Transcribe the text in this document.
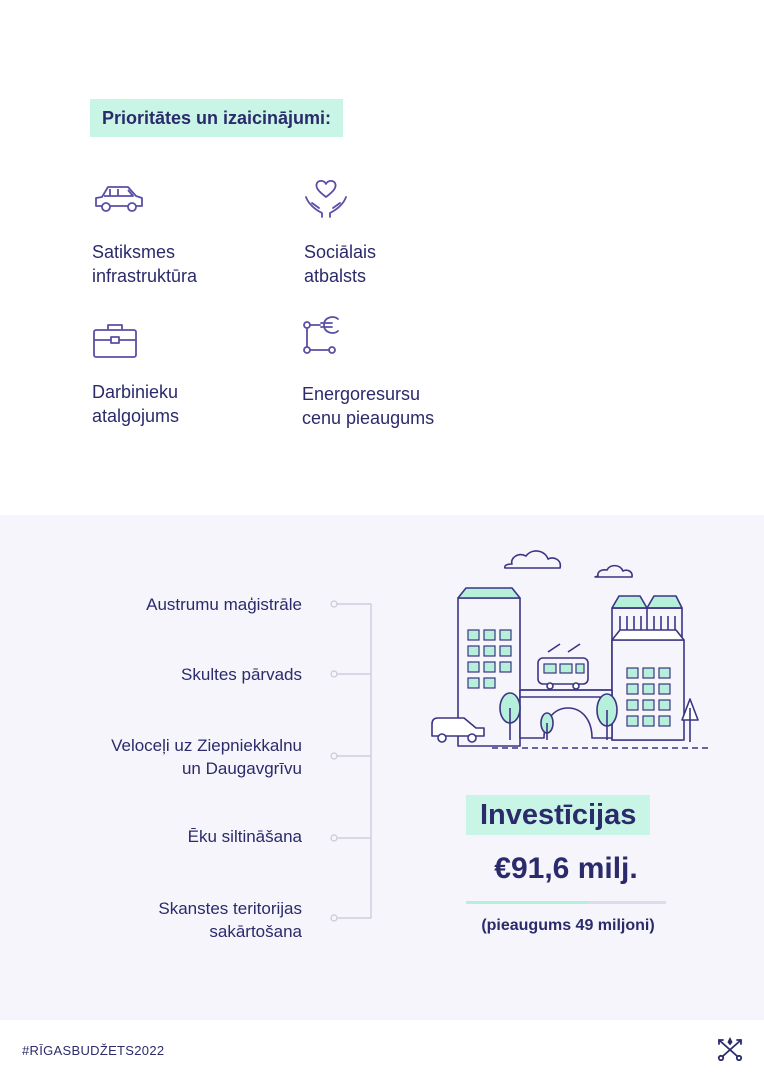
Prioritātes un izaicinājumi:
Satiksmes
infrastruktūra
Sociālais
atbalsts
Darbinieku
atalgojums
Energoresursu
cenu pieaugums
Austrumu maģistrāle
Skultes pārvads
Veloceļi uz Ziepniekkalnu
un Daugavgrīvu
Ēku siltināšana
Skanstes teritorijas
sakārtošana
Investīcijas
€91,6 milj.
(pieaugums 49 miljoni)
#RĪGASBUDŽETS2022
